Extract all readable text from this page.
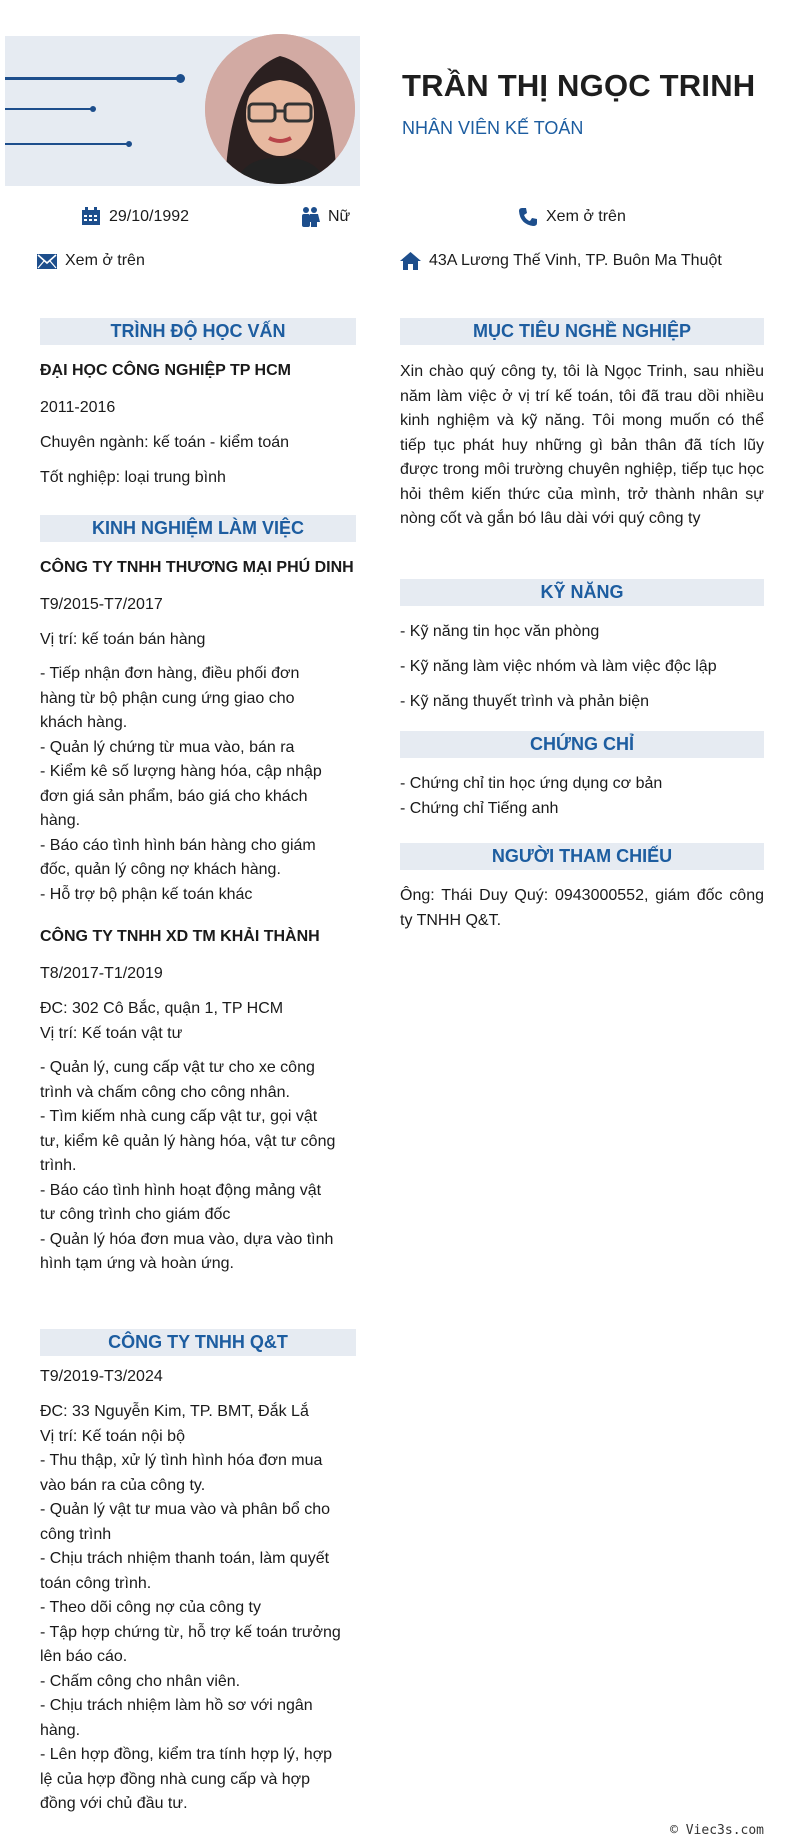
TRẦN THỊ NGỌC TRINH
NHÂN VIÊN KẾ TOÁN
29/10/1992	Nữ	Xem ở trên
Xem ở trên	43A Lương Thế Vinh, TP. Buôn Ma Thuột
TRÌNH ĐỘ HỌC VẤN
ĐẠI HỌC CÔNG NGHIỆP TP HCM
2011-2016
Chuyên ngành: kế toán - kiểm toán
Tốt nghiệp: loại trung bình
KINH NGHIỆM LÀM VIỆC
CÔNG TY TNHH THƯƠNG MẠI PHÚ DINH
T9/2015-T7/2017
Vị trí: kế toán bán hàng
- Tiếp nhận đơn hàng, điều phối đơn
hàng từ bộ phận cung ứng giao cho
khách hàng.
- Quản lý chứng từ mua vào, bán ra
- Kiểm kê số lượng hàng hóa, cập nhập
đơn giá sản phẩm, báo giá cho khách
hàng.
- Báo cáo tình hình bán hàng cho giám
đốc, quản lý công nợ khách hàng.
- Hỗ trợ bộ phận kế toán khác
CÔNG TY TNHH XD TM KHẢI THÀNH
T8/2017-T1/2019
ĐC: 302 Cô Bắc, quận 1, TP HCM
Vị trí: Kế toán vật tư
- Quản lý, cung cấp vật tư cho xe công
trình và chấm công cho công nhân.
- Tìm kiếm nhà cung cấp vật tư, gọi vật
tư, kiểm kê quản lý hàng hóa, vật tư công
trình.
- Báo cáo tình hình hoạt động mảng vật
tư công trình cho giám đốc
- Quản lý hóa đơn mua vào, dựa vào tình
hình tạm ứng và hoàn ứng.
CÔNG TY TNHH Q&T
T9/2019-T3/2024
ĐC: 33 Nguyễn Kim, TP. BMT, Đắk Lắ
Vị trí: Kế toán nội bộ
- Thu thập, xử lý tình hình hóa đơn mua
vào bán ra của công ty.
- Quản lý vật tư mua vào và phân bổ cho
công trình
- Chịu trách nhiệm thanh toán, làm quyết
toán công trình.
- Theo dõi công nợ của công ty
- Tập hợp chứng từ, hỗ trợ kế toán trưởng
lên báo cáo.
- Chấm công cho nhân viên.
- Chịu trách nhiệm làm hồ sơ với ngân
hàng.
- Lên hợp đồng, kiểm tra tính hợp lý, hợp
lệ của hợp đồng nhà cung cấp và hợp
đồng với chủ đầu tư.
MỤC TIÊU NGHỀ NGHIỆP
Xin chào quý công ty, tôi là Ngọc Trinh, sau nhiều năm làm việc ở vị trí kế toán, tôi đã trau dồi nhiều kinh nghiệm và kỹ năng. Tôi mong muốn có thể tiếp tục phát huy những gì bản thân đã tích lũy được trong môi trường chuyên nghiệp, tiếp tục học hỏi thêm kiến thức của mình, trở thành nhân sự nòng cốt và gắn bó lâu dài với quý công ty
KỸ NĂNG
- Kỹ năng tin học văn phòng
- Kỹ năng làm việc nhóm và làm việc độc lập
- Kỹ năng thuyết trình và phản biện
CHỨNG CHỈ
- Chứng chỉ tin học ứng dụng cơ bản
- Chứng chỉ Tiếng anh
NGƯỜI THAM CHIẾU
Ông: Thái Duy Quý: 0943000552, giám đốc công ty TNHH Q&T.
© Viec3s.com
